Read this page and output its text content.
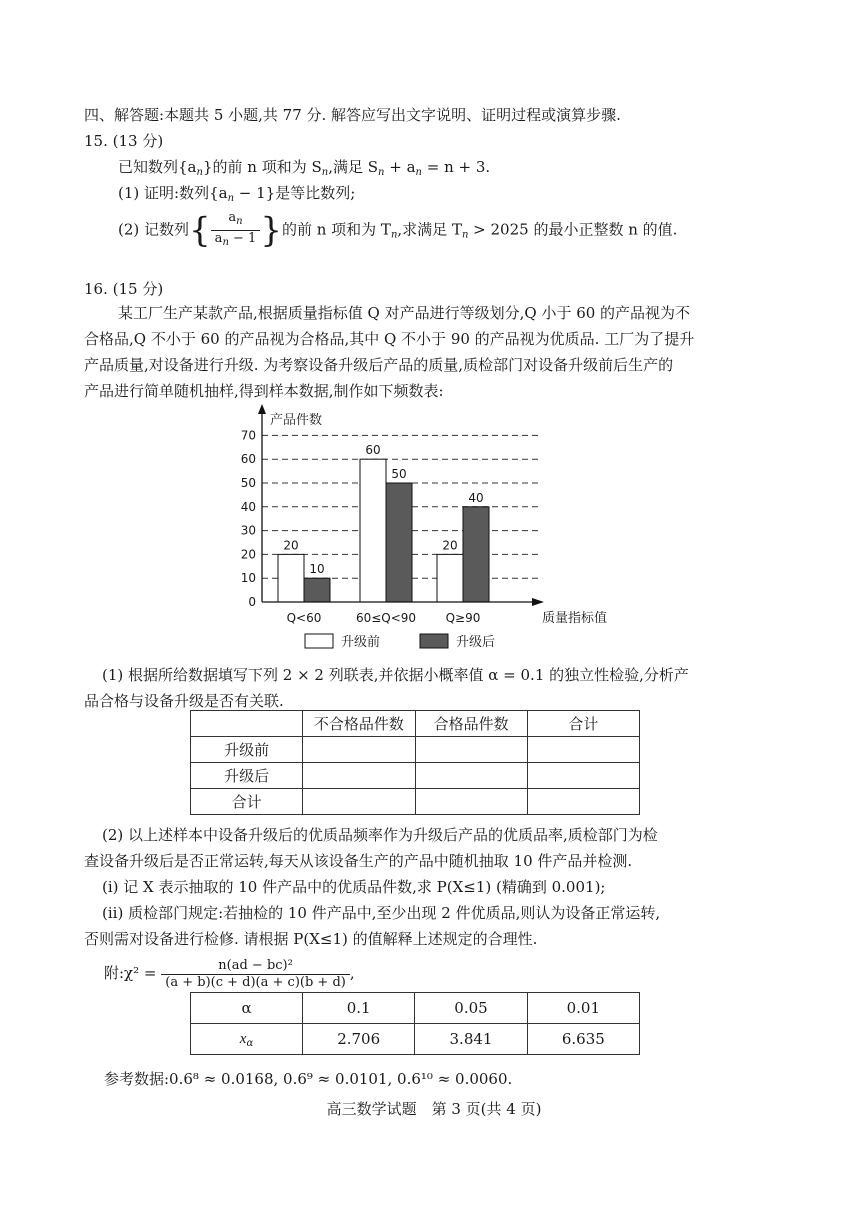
四、解答题:本题共 5 小题,共 77 分. 解答应写出文字说明、证明过程或演算步骤.
15. (13 分)
已知数列$\{a_n\}$的前 n 项和为 $S_n$,满足 $S_n + a_n = n + 3$.
(1) 证明:数列$\{a_n - 1\}$是等比数列;
(2) 记数列{ $\frac{a_n}{a_n - 1}$ }的前 n 项和为 $T_n$,求满足 $T_n > 2025$ 的最小正整数 n 的值.
16. (15 分)
某工厂生产某款产品,根据质量指标值 Q 对产品进行等级划分,Q 小于 60 的产品视为不
合格品,Q 不小于 60 的产品视为合格品,其中 Q 不小于 90 的产品视为优质品. 工厂为了提升
产品质量,对设备进行升级. 为考察设备升级后产品的质量,质检部门对设备升级前后生产的
产品进行简单随机抽样,得到样本数据,制作如下频数表:
20
10
Q<60
60
50
60≤Q<90
20
40
Q≥90
0
10
20
30
40
50
60
70
产品件数
质量指标值
升级前	升级后
(1) 根据所给数据填写下列 2 × 2 列联表,并依据小概率值 α = 0.1 的独立性检验,分析产
品合格与设备升级是否有关联.
	不合格品件数	合格品件数	合计
升级前			
升级后			
合计			
(2) 以上述样本中设备升级后的优质品频率作为升级后产品的优质品率,质检部门为检
查设备升级后是否正常运转,每天从该设备生产的产品中随机抽取 10 件产品并检测.
(i) 记 X 表示抽取的 10 件产品中的优质品件数,求 P(X≤1) (精确到 0.001);
(ii) 质检部门规定:若抽检的 10 件产品中,至少出现 2 件优质品,则认为设备正常运转,
否则需对设备进行检修. 请根据 P(X≤1) 的值解释上述规定的合理性.
附:χ² = $\frac{\text{n(ad − bc)²}}{(a + b)(c + d)(a + c)(b + d)}$ ,
α	0.1	0.05	0.01
$x_\alpha$	2.706	3.841	6.635
参考数据:0.6⁸ ≈ 0.0168, 0.6⁹ ≈ 0.0101, 0.6¹⁰ ≈ 0.0060.
高三数学试题　第 3 页(共 4 页)
